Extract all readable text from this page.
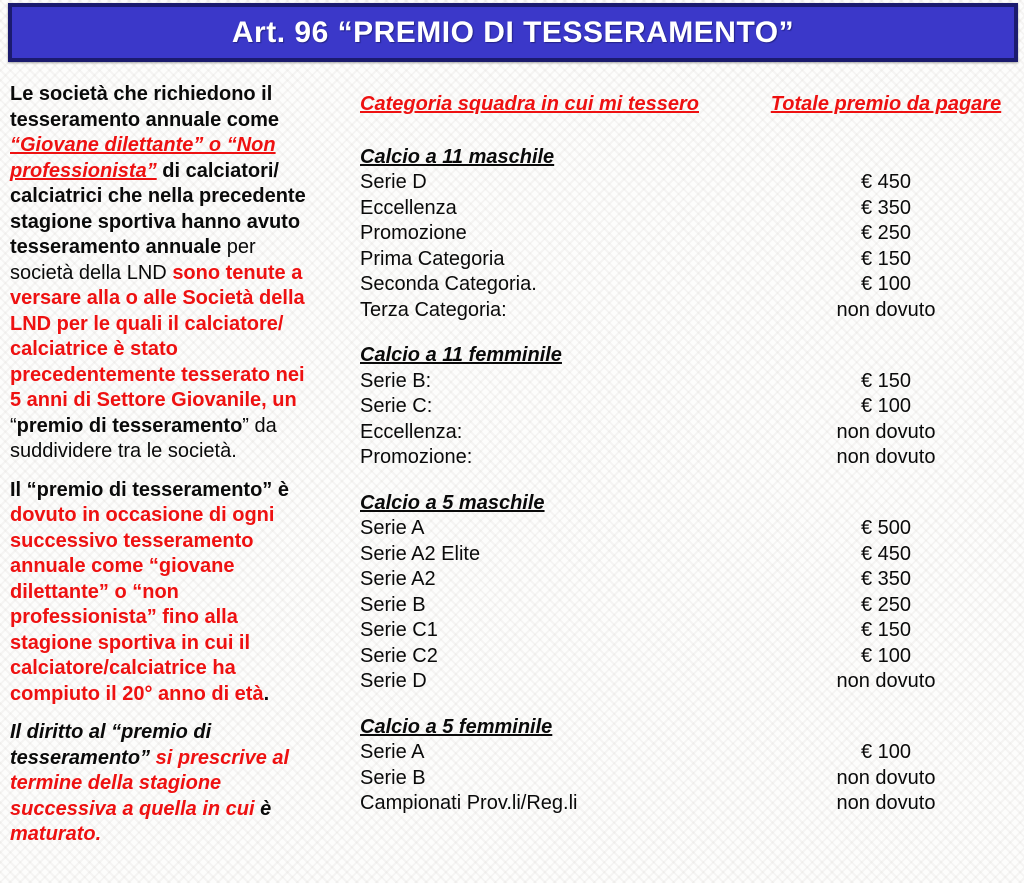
Art. 96 “PREMIO DI TESSERAMENTO”
Le società che richiedono il
tesseramento annuale come
“Giovane dilettante” o “Non
professionista” di calciatori/
calciatrici che nella precedente
stagione sportiva hanno avuto
tesseramento annuale per
società della LND sono tenute a
versare alla o alle Società della
LND per le quali il calciatore/
calciatrice è stato
precedentemente tesserato nei
5 anni di Settore Giovanile, un
“premio di tesseramento” da
suddividere tra le società.
Il “premio di tesseramento” è
dovuto in occasione di ogni
successivo tesseramento
annuale come “giovane
dilettante” o “non
professionista” fino alla
stagione sportiva in cui il
calciatore/calciatrice ha
compiuto il 20° anno di età.
Il diritto al “premio di
tesseramento” si prescrive al
termine della stagione
successiva a quella in cui è
maturato.
Categoria squadra in cui mi tessero	Totale premio da pagare
Calcio a 11 maschile
Serie D	€ 450
Eccellenza	€ 350
Promozione	€ 250
Prima Categoria	€ 150
Seconda Categoria.	€ 100
Terza Categoria:	non dovuto
Calcio a 11 femminile
Serie B:	€ 150
Serie C:	€ 100
Eccellenza:	non dovuto
Promozione:	non dovuto
Calcio a 5 maschile
Serie A	€ 500
Serie A2 Elite	€ 450
Serie A2	€ 350
Serie B	€ 250
Serie C1	€ 150
Serie C2	€ 100
Serie D	non dovuto
Calcio a 5 femminile
Serie A	€ 100
Serie B	non dovuto
Campionati Prov.li/Reg.li	non dovuto
